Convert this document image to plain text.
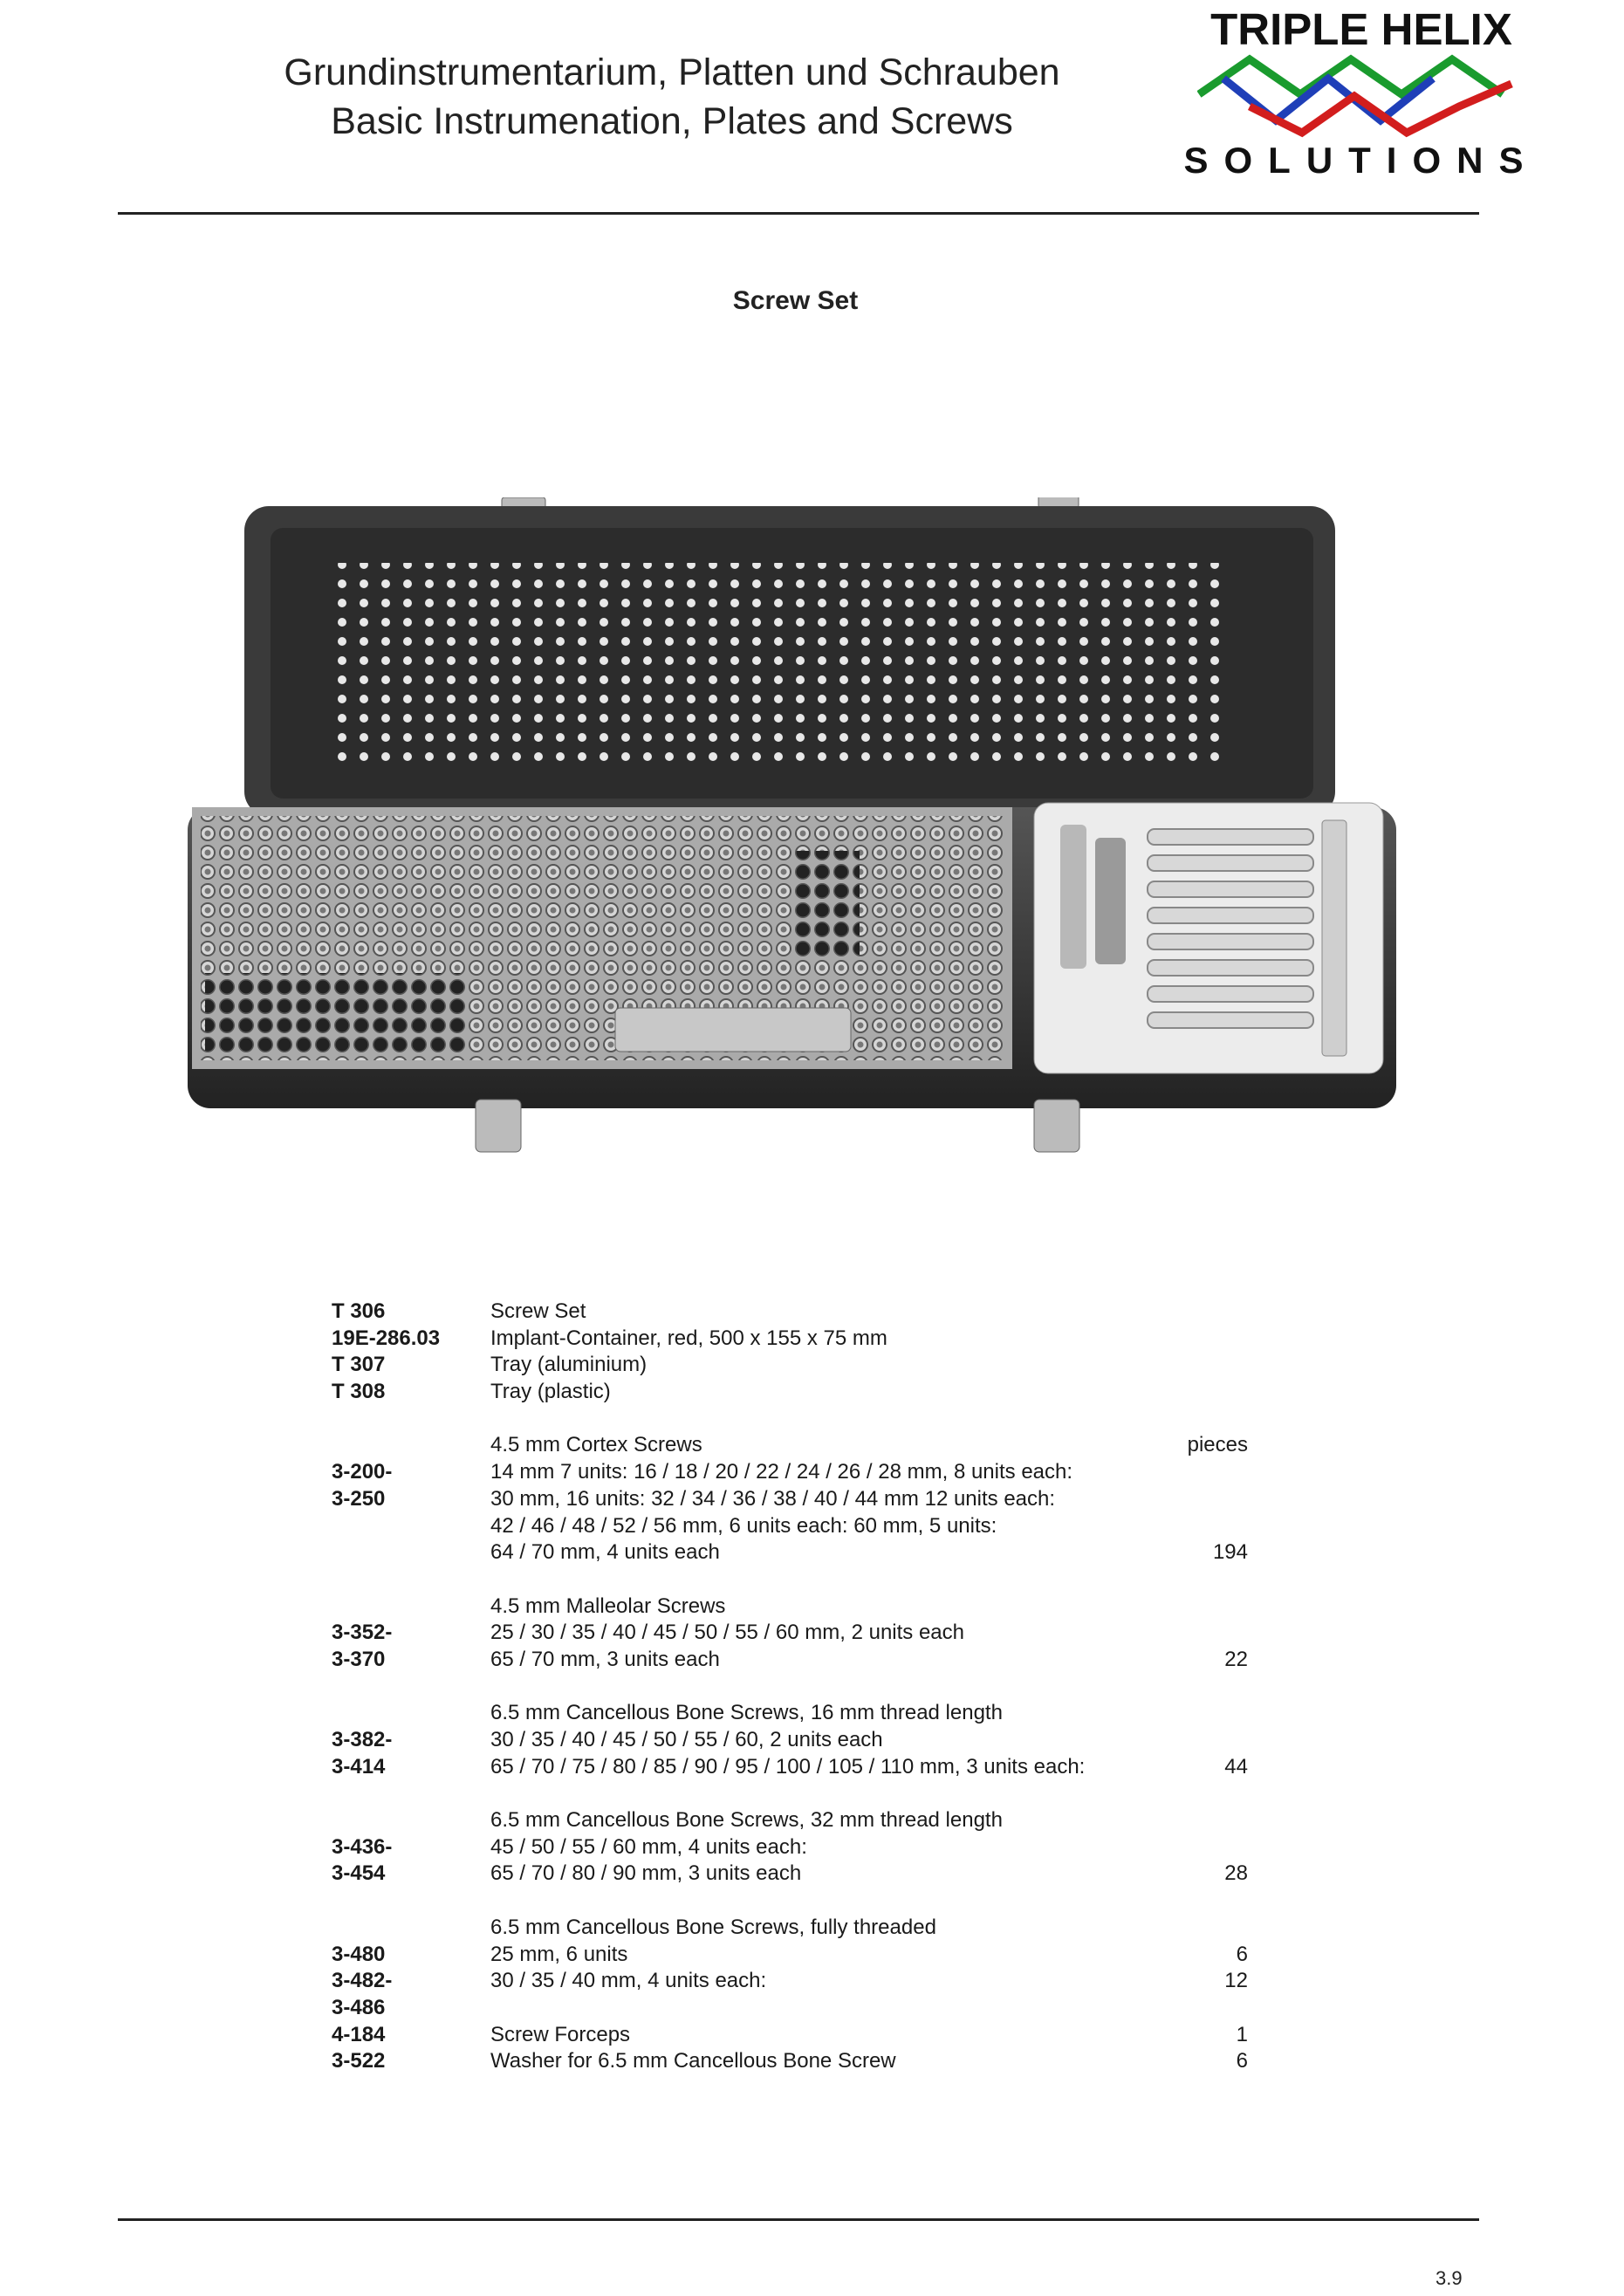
Grundinstrumentarium, Platten und Schrauben
Basic Instrumenation, Plates and Screws
TRIPLE HELIX
SOLUTIONS
Screw Set
T 306	Screw Set
19E-286.03	Implant-Container, red, 500 x 155 x 75 mm
T 307	Tray (aluminium)
T 308	Tray (plastic)
4.5 mm Cortex Screws	pieces
3-200-	14 mm 7 units: 16 / 18 / 20 / 22 / 24 / 26 / 28 mm, 8 units each:
3-250	30 mm, 16 units: 32 / 34 / 36 / 38 / 40 / 44 mm 12 units each:
42 / 46 / 48 / 52 / 56 mm, 6 units each: 60 mm, 5 units:
64 / 70 mm, 4 units each	194
4.5 mm Malleolar Screws
3-352-	25 / 30 / 35 / 40 / 45 / 50 / 55 / 60 mm, 2 units each
3-370	65 / 70 mm, 3 units each	22
6.5 mm Cancellous Bone Screws, 16 mm thread length
3-382-	30 / 35 / 40 / 45 / 50 / 55 / 60, 2 units each
3-414	65 / 70 / 75 / 80 / 85 / 90 / 95 / 100 / 105 / 110 mm, 3 units each:	44
6.5 mm Cancellous Bone Screws, 32 mm thread length
3-436-	45 / 50 / 55 / 60 mm, 4 units each:
3-454	65 / 70 / 80 / 90 mm, 3 units each	28
6.5 mm Cancellous Bone Screws, fully threaded
3-480	25 mm, 6 units	6
3-482-	30 / 35 / 40 mm, 4 units each:	12
3-486
4-184	Screw Forceps	1
3-522	Washer for 6.5 mm Cancellous Bone Screw	6
3.9
